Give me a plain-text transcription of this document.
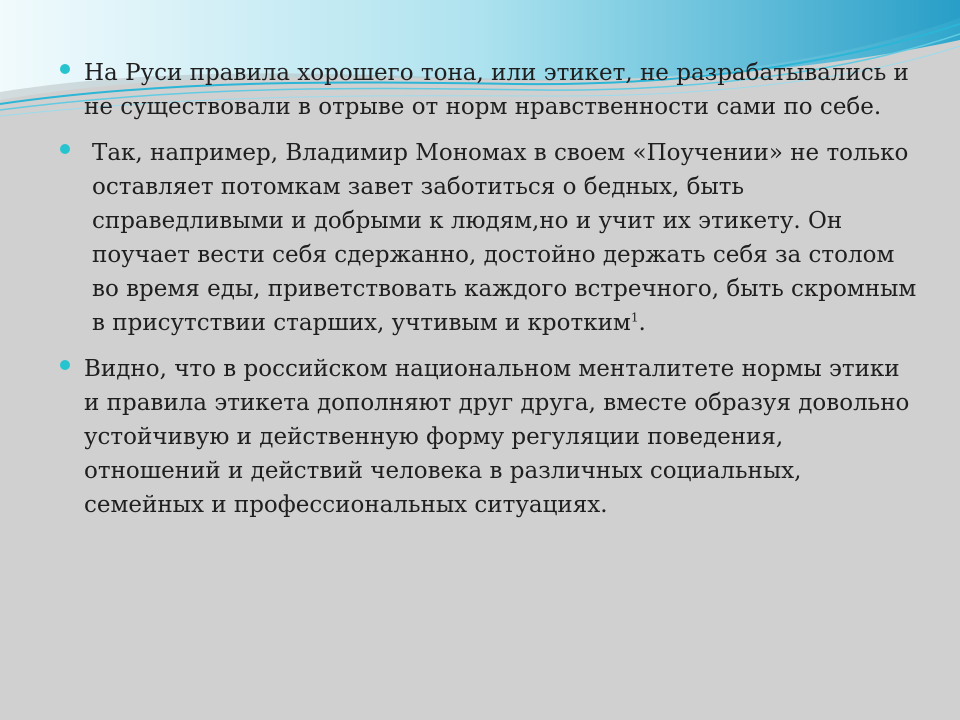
На Руси правила хорошего тона, или этикет, не разрабатывались и не существовали в отрыве от норм нравственности сами по себе.
Так, например, Владимир Мономах в своем «Поучении» не только оставляет потомкам завет заботиться о бедных, быть справедливыми и добрыми к людям,но и учит их этикету. Он поучает вести себя сдержанно, достойно держать себя за столом во время еды, приветствовать каждого встречного, быть скромным в присутствии старших, учтивым и кротким$^1$.
Видно, что в российском национальном менталитете нормы этики и правила этикета дополняют друг друга, вместе образуя довольно устойчивую и действенную форму регуляции поведения, отношений и действий человека в различных социальных, семейных и профессиональных ситуациях.
